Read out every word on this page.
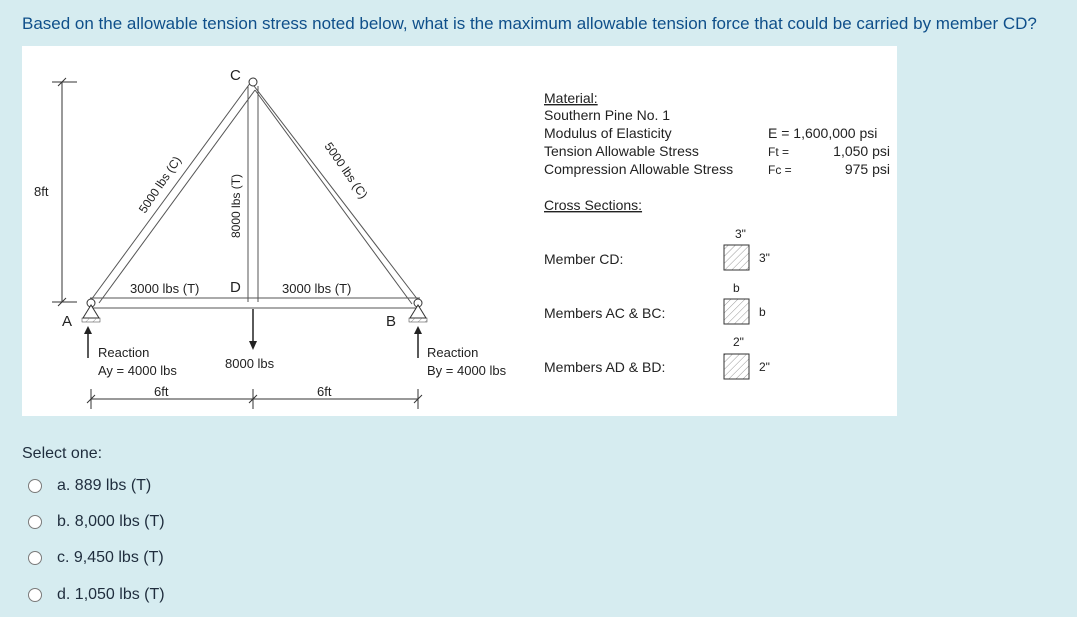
Based on the allowable tension stress noted below, what is the maximum allowable tension force that could be carried by member CD?
8ft
C
D
A	B
5000 lbs (C)	5000 lbs (C)
8000 lbs (T)
3000 lbs (T)	3000 lbs (T)
Reaction
Ay = 4000 lbs
Reaction
By = 4000 lbs
8000 lbs
6ft	6ft
Material:
Southern Pine No. 1
Modulus of Elasticity	E = 1,600,000 psi
Tension Allowable Stress	Ft =	1,050 psi
Compression Allowable Stress	Fc =	975 psi
Cross Sections:
Member CD:
3"
3"
Members AC & BC:
b
b
Members AD & BD:
2"
2"
Select one:
a. 889 lbs (T)
b. 8,000 lbs (T)
c. 9,450 lbs (T)
d. 1,050 lbs (T)
